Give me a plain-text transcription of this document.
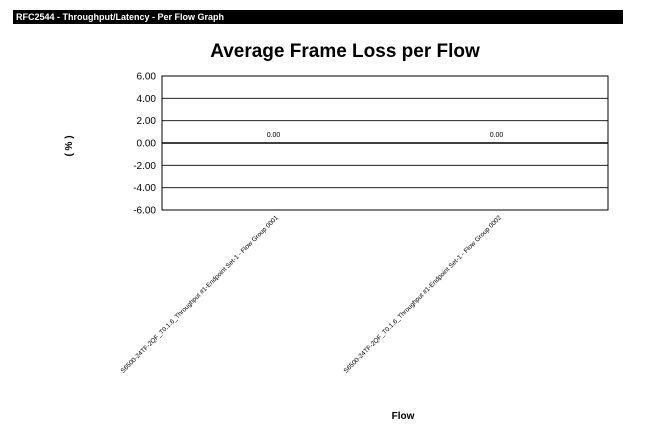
RFC2544 - Throughput/Latency - Per Flow Graph
Average Frame Loss per Flow
6.00
4.00
2.00
0.00
-2.00
-4.00
-6.00
0.00	0.00
S6500-24TF-2QF_T0.1.6_Throughput #1-Endpoint Set-1 - Flow Group 0001	S6500-24TF-2QF_T0.1.6_Throughput #1-Endpoint Set-1 - Flow Group 0002
( % )
Flow
